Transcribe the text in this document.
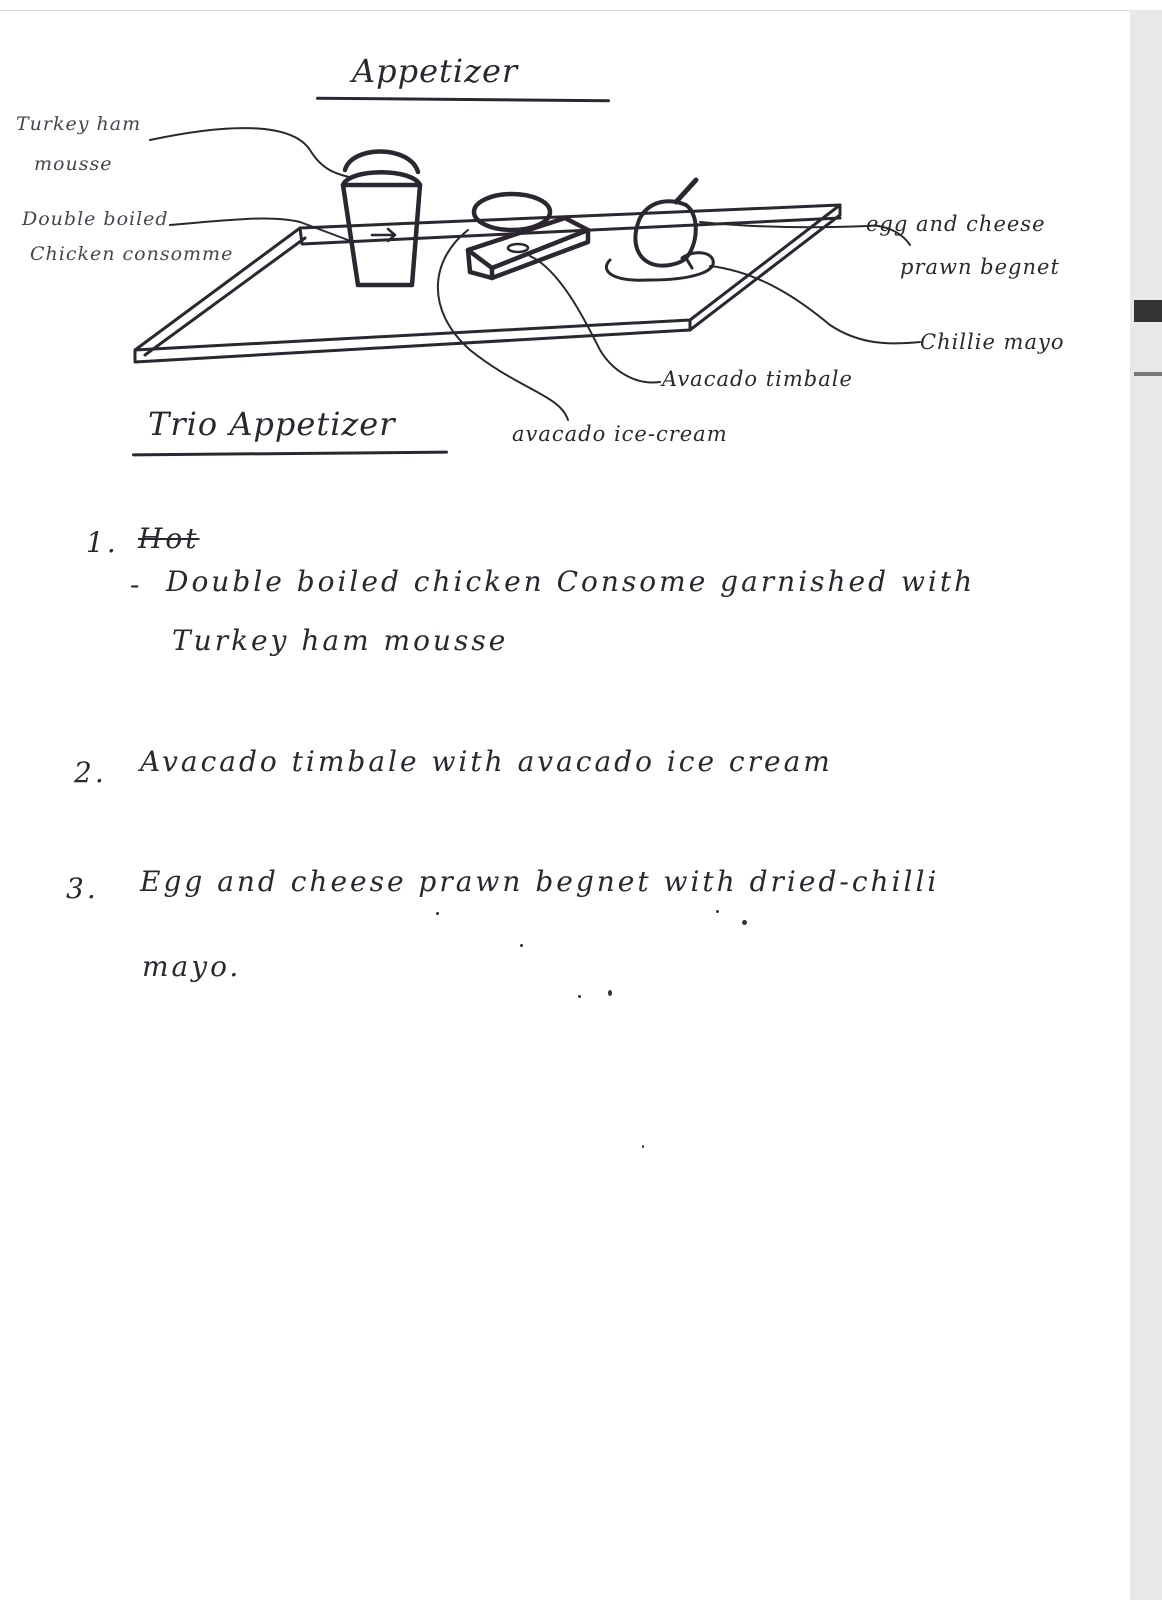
Appetizer
Turkey ham
mousse
Double boiled
Chicken consomme
egg and cheese
prawn begnet
Chillie mayo
Avacado timbale
avacado ice-cream
Trio Appetizer
1. Hot
- Double boiled chicken Consome garnished with
Turkey ham mousse
2. Avacado timbale with avacado ice cream
3. Egg and cheese prawn begnet with dried-chilli
mayo.
